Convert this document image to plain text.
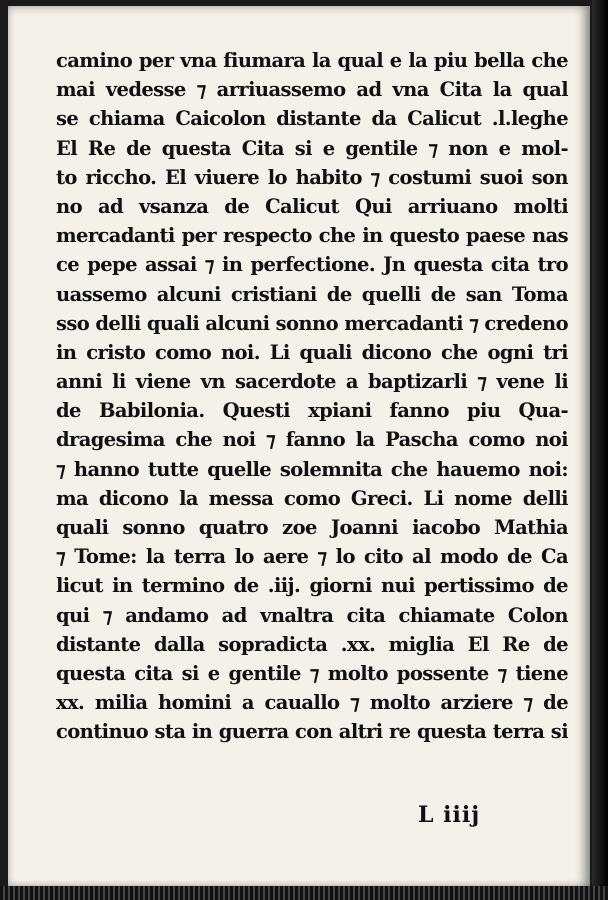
camino per vna fiumara la qual e la piu bella che
mai vedesse ⁊ arriuassemo ad vna Cita la qual
se chiama Caicolon distante da Calicut .l.leghe
El Re de questa Cita si e gentile ⁊ non e mol-
to riccho. El viuere lo habito ⁊ costumi suoi son
no ad vsanza de Calicut Qui arriuano molti
mercadanti per respecto che in questo paese nas
ce pepe assai ⁊ in perfectione. Jn questa cita tro
uassemo alcuni cristiani de quelli de san Toma
sso delli quali alcuni sonno mercadanti ⁊ credeno
in cristo como noi. Li quali dicono che ogni tri
anni li viene vn sacerdote a baptizarli ⁊ vene li
de Babilonia. Questi xpiani fanno piu Qua-
dragesima che noi ⁊ fanno la Pascha como noi
⁊ hanno tutte quelle solemnita che hauemo noi:
ma dicono la messa como Greci. Li nome delli
quali sonno quatro zoe Joanni iacobo Mathia
⁊ Tome: la terra lo aere ⁊ lo cito al modo de Ca
licut in termino de .iij. giorni nui pertissimo de
qui ⁊ andamo ad vnaltra cita chiamate Colon
distante dalla sopradicta .xx. miglia El Re de
questa cita si e gentile ⁊ molto possente ⁊ tiene
xx. milia homini a cauallo ⁊ molto arziere ⁊ de
continuo sta in guerra con altri re questa terra si
L iiij
